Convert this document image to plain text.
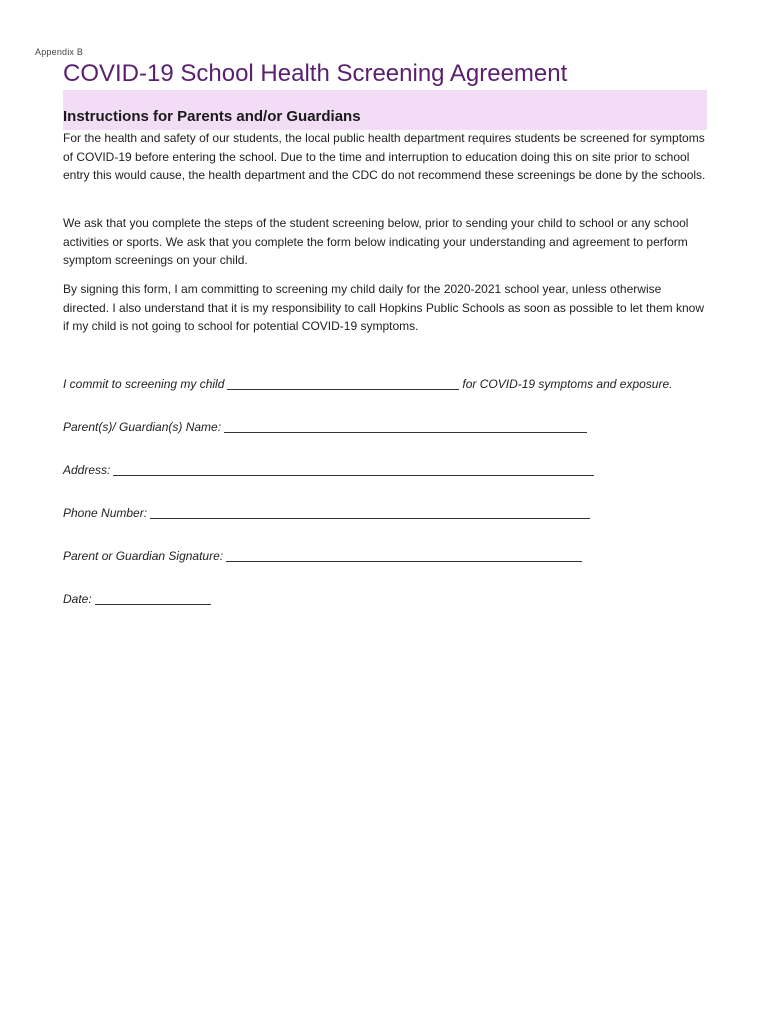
Appendix B
COVID-19 School Health Screening Agreement
Instructions for Parents and/or Guardians

For the health and safety of our students, the local public health department requires students be screened for symptoms of COVID-19 before entering the school. Due to the time and interruption to education doing this on site prior to school entry this would cause, the health department and the CDC do not recommend these screenings be done by the schools.

We ask that you complete the steps of the student screening below, prior to sending your child to school or any school activities or sports. We ask that you complete the form below indicating your understanding and agreement to perform symptom screenings on your child.

By signing this form, I am committing to screening my child daily for the 2020-2021 school year, unless otherwise directed. I also understand that it is my responsibility to call Hopkins Public Schools as soon as possible to let them know if my child is not going to school for potential COVID-19 symptoms.

I commit to screening my child	for COVID-19 symptoms and exposure.
Parent(s)/ Guardian(s) Name:
Address:
Phone Number:
Parent or Guardian Signature:
Date:
